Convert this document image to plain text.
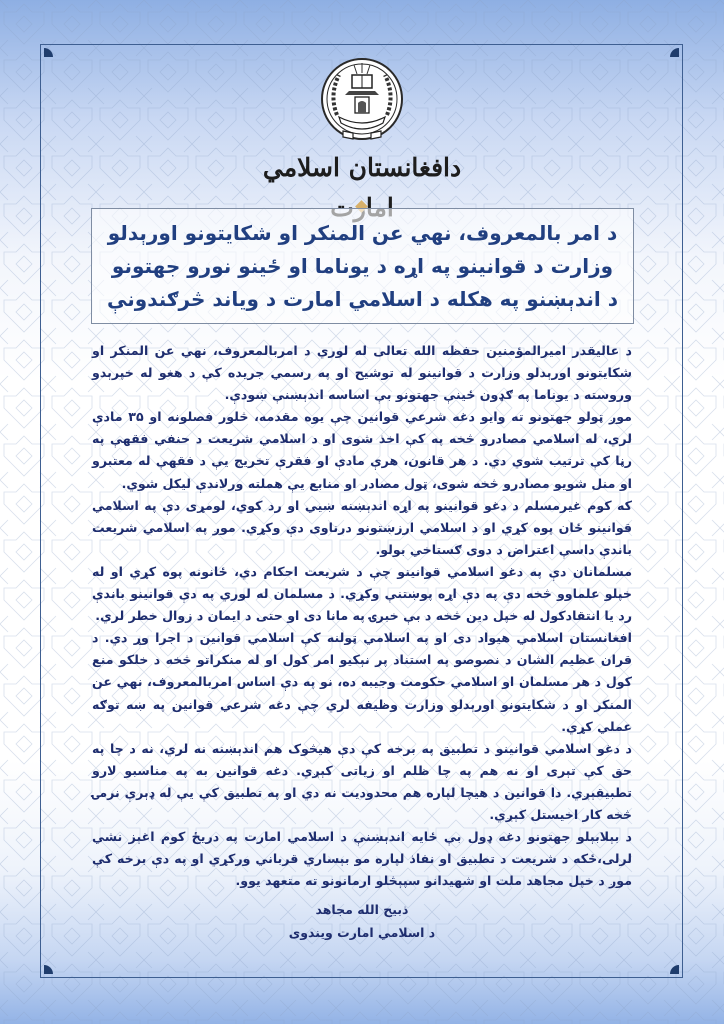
دافغانستان اسلامي
د امر بالمعروف، نهي عن المنکر او شکایتونو اورېدلو وزارت د قوانینو په اړه د یوناما او ځینو نورو جهتونو د اندېښنو په هکله د اسلامي امارت د ویاند څرګندونې

د عالیقدر امیرالمؤمنین حفظه الله تعالی له لوري د امربالمعروف، نهي عن المنکر او شکایتونو اورېدلو وزارت د قوانینو له توشیح او په رسمي جریده کې د هغو له خپرېدو وروسته د یوناما په ګډون ځینې جهتونو بې اساسه اندېښنې ښودې.

موږ ټولو جهتونو ته وایو دغه شرعي قوانین چې یوه مقدمه، څلور فصلونه او ۳۵ مادې لري، له اسلامي مصادرو څخه په کې اخذ شوی او د اسلامي شریعت د حنفي فقهې په رڼا کې ترتیب شوي دي. د هر قانون، هرې مادې او فقرې تخریج یې د فقهې له معتبرو او منل شویو مصادرو څخه شوی، ټول مصادر او منابع یې هملته ورلاندې لیکل شوي.

که کوم غیرمسلم د دغو قوانینو په اړه اندېښنه ښیي او رد کوي، لومړی دې په اسلامي قوانینو ځان پوه کړي او د اسلامي ارزښتونو درناوی دې وکړي. موږ په اسلامي شریعت باندې داسې اعتراض د دوی ګستاخي بولو.

مسلمانان دې په دغو اسلامي قوانینو چې د شریعت احکام دي، ځانونه پوه کړي او له خپلو علماوو څخه دې په دې اړه پوښتنې وکړي. د مسلمان له لوري په دې قوانینو باندې رد یا انتقادکول له خپل دین څخه د بې خبرۍ په مانا دی او حتی د ایمان د زوال خطر لري.

افغانستان اسلامي هیواد دی او په اسلامي ټولنه کې اسلامي قوانین د اجرا وړ دي. د قران عظیم الشان د نصوصو په استناد پر نېکیو امر کول او له منکراتو څخه د خلکو منع کول د هر مسلمان او اسلامي حکومت وجیبه ده، نو په دې اساس امربالمعروف، نهي عن المنکر او د شکایتونو اورېدلو وزارت وظیفه لري چې دغه شرعي قوانین په ښه توګه عملي کړي.

د دغو اسلامي قوانینو د تطبیق په برخه کې دې هیڅوک هم اندېښنه نه لري، نه د چا په حق کې تېری او نه هم په چا ظلم او زیاتی کېږي. دغه قوانین به په مناسبو لارو تطبیقېږي. دا قوانین د هیچا لپاره هم محدودیت نه دي او په تطبیق کې یې له ډېرې نرمۍ څخه کار اخیستل کېږي.

د بېلابېلو جهتونو دغه ډول بې ځایه اندېښنې د اسلامي امارت په دریځ کوم اغېز نشي لرلی،ځکه د شریعت د تطبیق او نفاذ لپاره مو بېساري قرباني ورکړي او په دې برخه کې موږ د خپل مجاهد ملت او شهیدانو سپېڅلو ارمانونو ته متعهد یوو.

ذبیح الله مجاهد
د اسلامي امارت ویندوی
